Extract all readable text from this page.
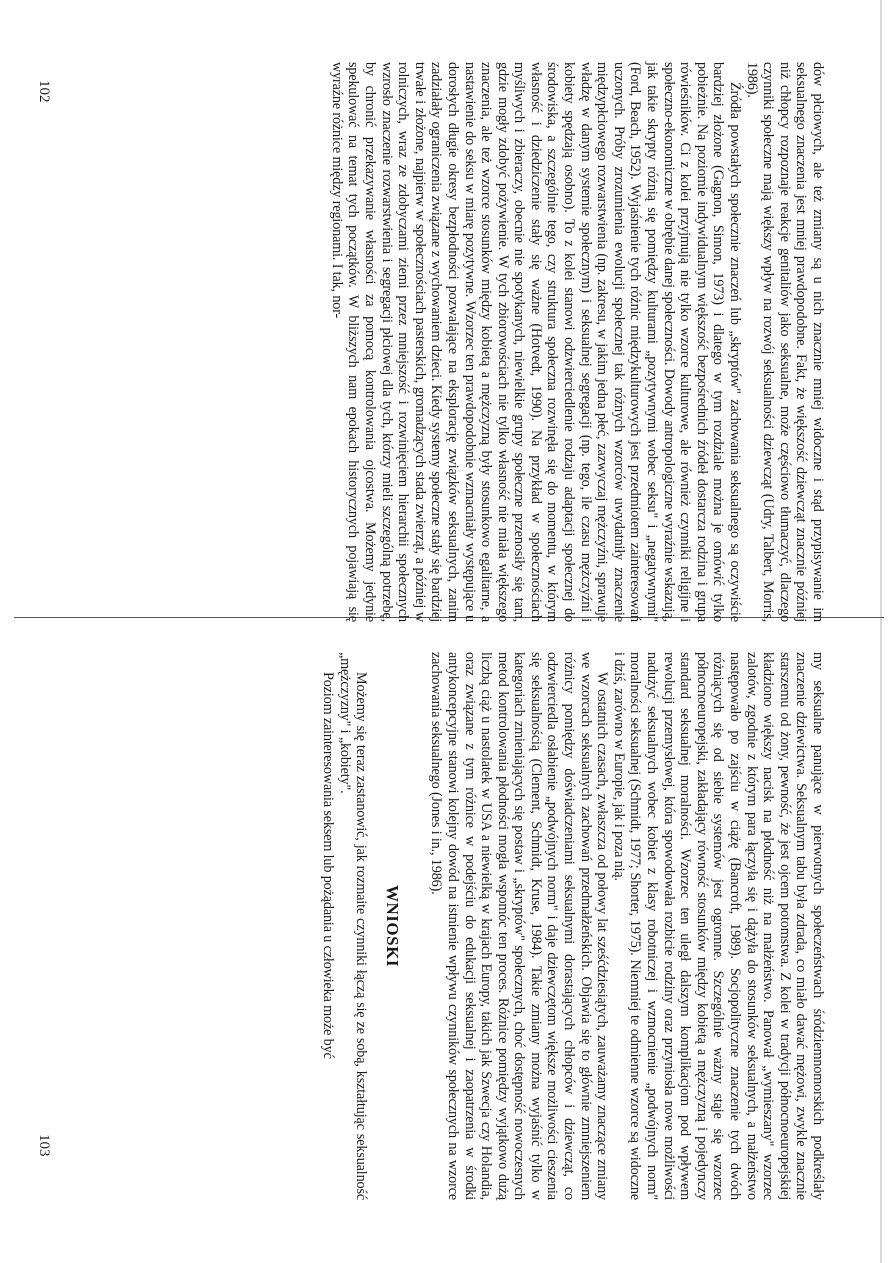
dów płciowych, ale też zmiany są u nich znacznie mniej widoczne i stąd przypisywanie im seksualnego znaczenia jest mniej prawdopodobne. Fakt, że większość dziewcząt znacznie później niż chłopcy rozpoznaje reakcje genitaliów jako seksualne, może częściowo tłumaczyć, dlaczego czynniki społeczne mają większy wpływ na rozwój seksualności dziewcząt (Udry, Talbert, Morris, 1986).

Źródła powstałych społecznie znaczeń lub „skryptów" zachowania seksualnego są oczywiście bardziej złożone (Gagnon, Simon, 1973) i dlatego w tym rozdziale można je omówić tylko pobieżnie. Na poziomie indywidualnym większość bezpośrednich źródeł dostarcza rodzina i grupa rówieśników. Ci z kolei przyjmują nie tylko wzorce kulturowe, ale również czynniki religijne i społeczno-ekonomiczne w obrębie danej społeczności. Dowody antropologiczne wyraźnie wskazują, jak takie skrypty różnią się pomiędzy kulturami „pozytywnymi wobec seksu" i „negatywnymi" (Ford, Beach, 1952). Wyjaśnienie tych różnic międzykulturowych jest przedmiotem zainteresowań uczonych. Próby zrozumienia ewolucji społecznej tak różnych wzorców uwydatniły znaczenie międzypłciowego rozwarstwienia (np. zakresu, w jakim jedna płeć, zazwyczaj mężczyźni, sprawuje władzę w danym systemie społecznym) i seksualnej segregacji (np. tego, ile czasu mężczyźni i kobiety spędzają osobno). To z kolei stanowi odzwierciedlenie rodzaju adaptacji społecznej do środowiska, a szczególnie tego, czy struktura społeczna rozwinęła się do momentu, w którym własność i dziedziczenie stały się ważne (Hotvedt, 1990). Na przykład w społecznościach myśliwych i zbieraczy, obecnie nie spotykanych, niewielkie grupy społeczne przenosiły się tam, gdzie mogły zdobyć pożywienie. W tych zbiorowościach nie tylko własność nie miała większego znaczenia, ale też wzorce stosunków między kobietą a mężczyzną były stosunkowo egalitarne, a nastawienie do seksu w miarę pozytywne. Wzorzec ten prawdopodobnie wzmacniały występujące u dorosłych długie okresy bezpłodności pozwalające na eksplorację związków seksualnych, zanim zadziałały ograniczenia związane z wychowaniem dzieci. Kiedy systemy społeczne stały się bardziej trwałe i złożone, najpierw w społecznościach pasterskich, gromadzących stada zwierząt, a później w rolniczych, wraz ze zdobyczami ziemi przez mniejszość i rozwinięciem hierarchii społecznych wzrosło znaczenie rozwarstwienia i segregacji płciowej dla tych, którzy mieli szczególną potrzebę, by chronić przekazywanie własności za pomocą kontrolowania ojcostwa. Możemy jedynie spekulować na temat tych początków. W bliższych nam epokach historycznych pojawiają się wyraźne różnice między regionami. I tak, nor-

my seksualne panujące w pierwotnych społeczeństwach śródziemnomorskich podkreślały znaczenie dziewictwa. Seksualnym tabu była zdrada, co miało dawać mężowi, zwykle znacznie starszemu od żony, pewność, że jest ojcem potomstwa. Z kolei w tradycji północnoeuropejskiej kładziono większy nacisk na płodność niż na małżeństwo. Panował „wymieszany" wzorzec zalotów, zgodnie z którym para łączyła się i dążyła do stosunków seksualnych, a małżeństwo następowało po zajściu w ciążę (Bancroft, 1989). Socjopolityczne znaczenie tych dwóch różniących się od siebie systemów jest ogromne. Szczególnie ważny stąje się wzorzec północnoeuropejski, zakładający równość stosunków między kobietą a mężczyzną i pojedynczy standard seksualnej moralności. Wzorzec ten uległ dalszym komplikacjom pod wpływem rewolucji przemysłowej, która spowodowała rozbicie rodziny oraz przyniosła nowe możliwości nadużyć seksualnych wobec kobiet z klasy robotniczej i wzmocnienie „podwójnych norm" moralności seksualnej (Schmidt, 1977; Shorter, 1975). Niemniej te odmienne wzorce są widoczne i dziś, zarówno w Europie, jak i poza nią.

W ostatnich czasach, zwłaszcza od połowy lat sześćdziesiątych, zauważamy znaczące zmiany we wzorcach seksualnych zachowań przedmałżeńskich. Objawia się to głównie zmniejszeniem różnicy pomiędzy doświadczeniami seksualnymi dorastających chłopców i dziewcząt, co odzwierciedla osłabienie „podwójnych norm" i daje dziewczętom większe możliwości cieszenia się seksualnością (Clement, Schmidt, Kruse, 1984). Takie zmiany można wyjaśnić tylko w kategoriach zmieniających się postaw i „skryptów" społecznych, choć dostępność nowoczesnych metod kontrolowania płodności mogła wspomóc ten proces. Różnice pomiędzy wyjątkowo dużą liczbą ciąż u nastolatek w USA a niewielką w krajach Europy, takich jak Szwecja czy Holandia, oraz związane z tym różnice w podejściu do edukacji seksualnej i zaopatrzenia w środki antykoncepcyjne stanowi kolejny dowód na istnienie wpływu czynników społecznych na wzorce zachowania seksualnego (Jones i in., 1986).

WNIOSKI

Możemy się teraz zastanowić, jak rozmaite czynniki łączą się ze sobą, kształtując seksualność „mężczyzny" i „kobiety".

Poziom zainteresowania seksem lub pożądania u człowieka może być

102
103
